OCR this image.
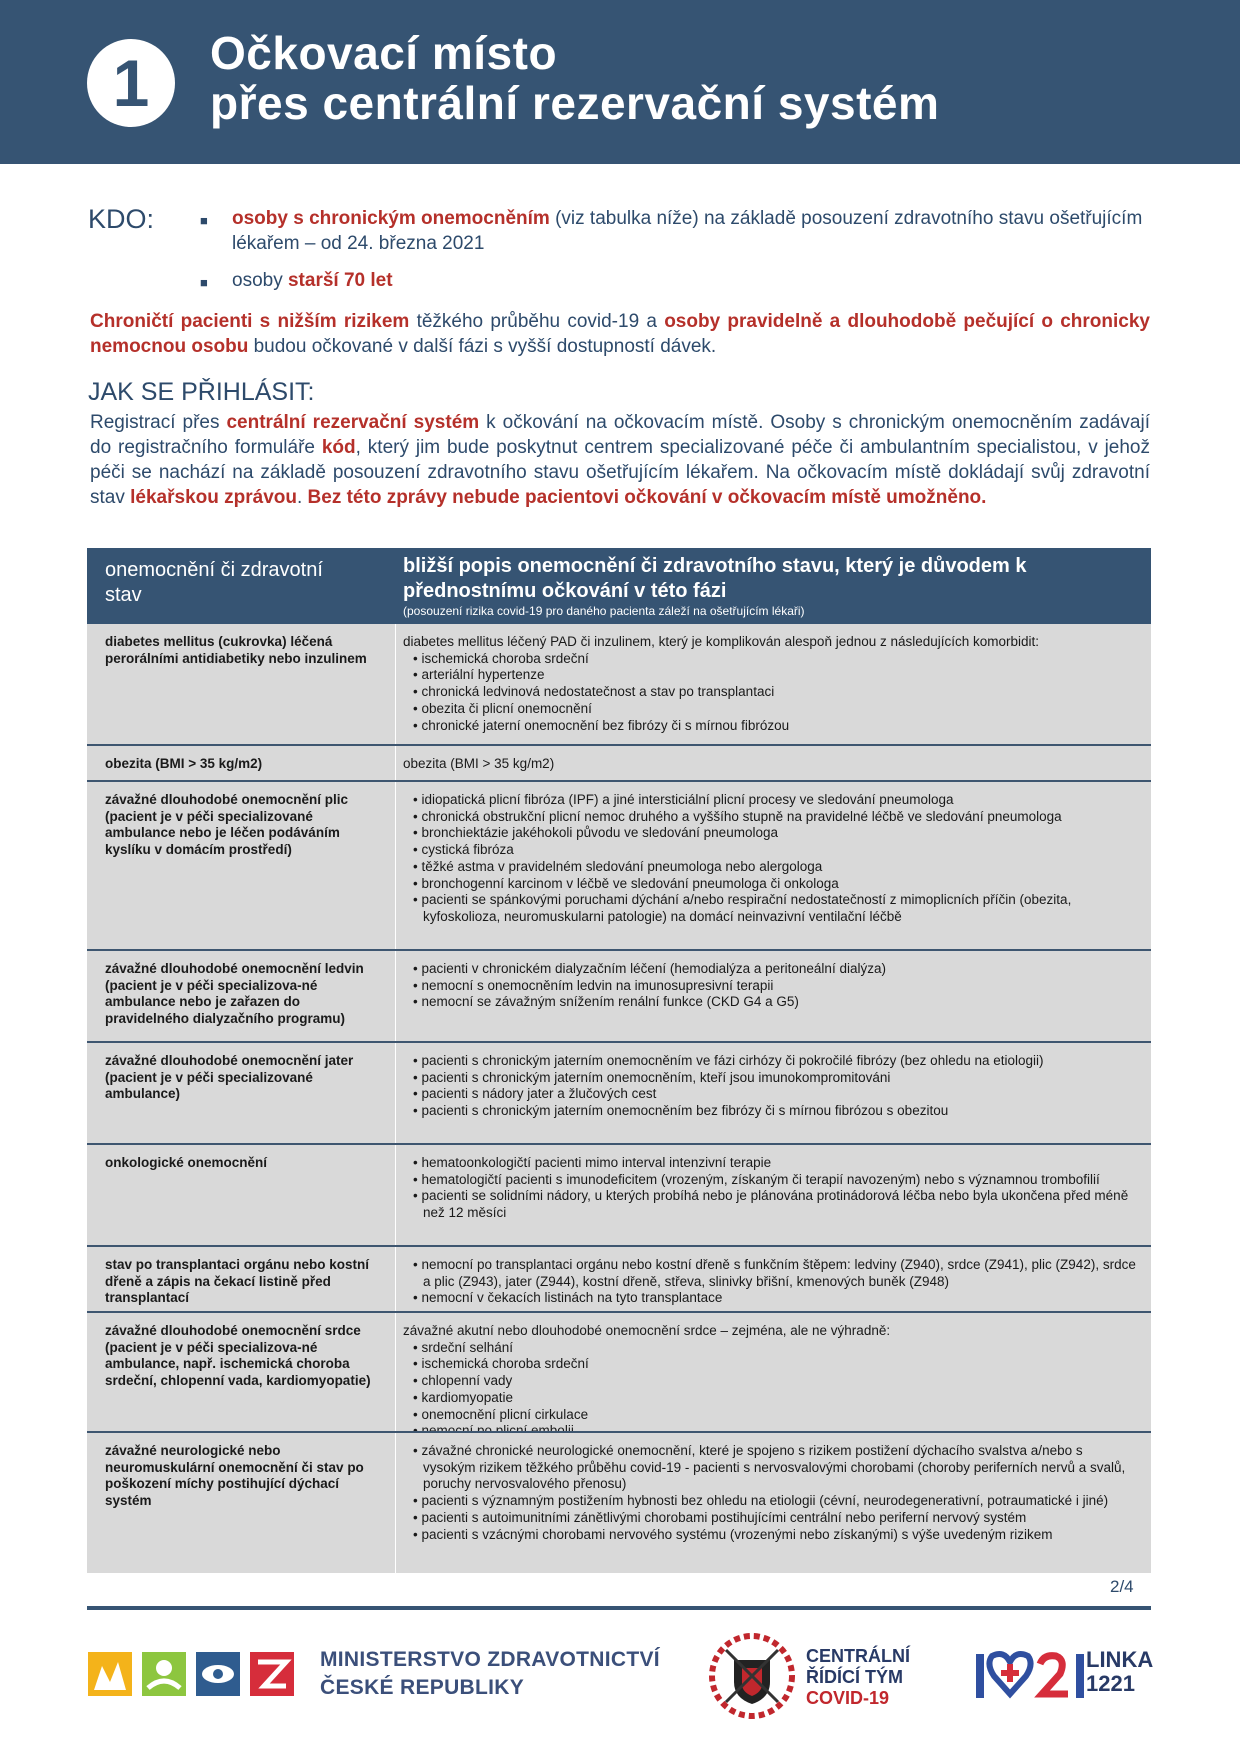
1	Očkovací místo
přes centrální rezervační systém
KDO:	■ osoby s chronickým onemocněním (viz tabulka níže) na základě posouzení zdravotního stavu ošetřujícím lékařem – od 24. března 2021
■ osoby starší 70 let
Chroničtí pacienti s nižším rizikem těžkého průběhu covid-19 a osoby pravidelně a dlouhodobě pečující o chronicky nemocnou osobu budou očkované v další fázi s vyšší dostupností dávek.
JAK SE PŘIHLÁSIT:
Registrací přes centrální rezervační systém k očkování na očkovacím místě. Osoby s chronickým onemocněním zadávají do registračního formuláře kód, který jim bude poskytnut centrem specializované péče či ambulantním specialistou, v jehož péči se nachází na základě posouzení zdravotního stavu ošetřujícím lékařem. Na očkovacím místě dokládají svůj zdravotní stav lékařskou zprávou. Bez této zprávy nebude pacientovi očkování v očkovacím místě umožněno.
onemocnění či zdravotní stav
bližší popis onemocnění či zdravotního stavu, který je důvodem k přednostnímu očkování v této fázi
(posouzení rizika covid-19 pro daného pacienta záleží na ošetřujícím lékaři)
diabetes mellitus (cukrovka) léčená perorálními antidiabetiky nebo inzulinem
diabetes mellitus léčený PAD či inzulinem, který je komplikován alespoň jednou z následujících komorbidit:
• ischemická choroba srdeční
• arteriální hypertenze
• chronická ledvinová nedostatečnost a stav po transplantaci
• obezita či plicní onemocnění
• chronické jaterní onemocnění bez fibrózy či s mírnou fibrózou
obezita (BMI > 35 kg/m2)	obezita (BMI > 35 kg/m2)
závažné dlouhodobé onemocnění plic (pacient je v péči specializované ambulance nebo je léčen podáváním kyslíku v domácím prostředí)
• idiopatická plicní fibróza (IPF) a jiné intersticiální plicní procesy ve sledování pneumologa
• chronická obstrukční plicní nemoc druhého a vyššího stupně na pravidelné léčbě ve sledování pneumologa
• bronchiektázie jakéhokoli původu ve sledování pneumologa
• cystická fibróza
• těžké astma v pravidelném sledování pneumologa nebo alergologa
• bronchogenní karcinom v léčbě ve sledování pneumologa či onkologa
• pacienti se spánkovými poruchami dýchání a/nebo respirační nedostatečností z mimoplicních příčin (obezita, kyfoskolioza, neuromuskularni patologie) na domácí neinvazivní ventilační léčbě
závažné dlouhodobé onemocnění ledvin (pacient je v péči specializova-né ambulance nebo je zařazen do pravidelného dialyzačního programu)
• pacienti v chronickém dialyzačním léčení (hemodialýza a peritoneální dialýza)
• nemocní s onemocněním ledvin na imunosupresivní terapii
• nemocní se závažným snížením renální funkce (CKD G4 a G5)
závažné dlouhodobé onemocnění jater (pacient je v péči specializované ambulance)
• pacienti s chronickým jaterním onemocněním ve fázi cirhózy či pokročilé fibrózy (bez ohledu na etiologii)
• pacienti s chronickým jaterním onemocněním, kteří jsou imunokompromitováni
• pacienti s nádory jater a žlučových cest
• pacienti s chronickým jaterním onemocněním bez fibrózy či s mírnou fibrózou s obezitou
onkologické onemocnění
•	hematoonkologičtí pacienti mimo interval intenzivní terapie
• hematologičtí pacienti s imunodeficitem (vrozeným, získaným či terapií navozeným) nebo s významnou trombofilií
• pacienti se solidními nádory, u kterých probíhá nebo je plánována protinádorová léčba nebo byla ukončena před méně než 12 měsíci
stav po transplantaci orgánu nebo kostní dřeně a zápis na čekací listině před transplantací
• nemocní po transplantaci orgánu nebo kostní dřeně s funkčním štěpem: ledviny (Z940), srdce (Z941), plic (Z942), srdce a plic (Z943), jater (Z944), kostní dřeně, střeva, slinivky břišní, kmenových buněk (Z948)
• nemocní v čekacích listinách na tyto transplantace
závažné dlouhodobé onemocnění srdce (pacient je v péči specializova-né ambulance, např. ischemická choroba srdeční, chlopenní vada, kardiomyopatie)
závažné akutní nebo dlouhodobé onemocnění srdce – zejména, ale ne výhradně:
• srdeční selhání
• ischemická choroba srdeční
• chlopenní vady
• kardiomyopatie
• onemocnění plicní cirkulace
•
závažné neurologické nebo neuromuskulární onemocnění či stav po poškození míchy postihující dýchací systém
• závažné chronické neurologické onemocnění, které je spojeno s rizikem postižení dýchacího svalstva a/nebo s vysokým rizikem těžkého průběhu covid-19 - pacienti s nervosvalovými chorobami (choroby periferních nervů a svalů, poruchy nervosvalového přenosu)
• pacienti s významným postižením hybnosti bez ohledu na etiologii (cévní, neurodegenerativní, potraumatické i jiné)
• pacienti s autoimunitními zánětlivými chorobami postihujícími centrální nebo periferní nervový systém
• pacienti s vzácnými chorobami nervového systému (vrozenými nebo získanými) s výše uvedeným rizikem
2/4
MINISTERSTVO ZDRAVOTNICTVÍ
ČESKÉ REPUBLIKY
CENTRÁLNÍ
ŘÍDÍCÍ TÝM
COVID-19
LINKA
1221
